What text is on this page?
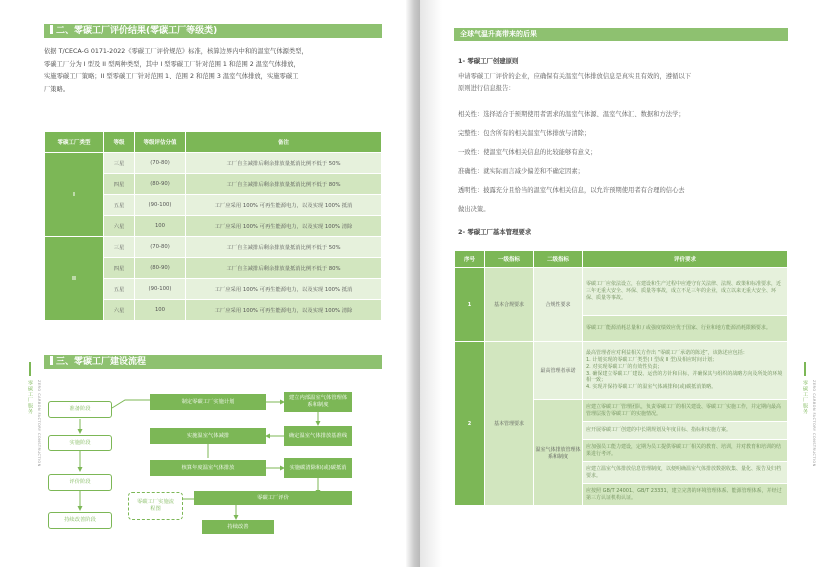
二、零碳工厂评价结果(零碳工厂等级类)
依据 T/CECA-G 0171-2022《零碳工厂评价规范》标准，核算边界内中和的温室气体源类型，
零碳工厂分为 I 型及 II 型两种类型，其中 I 型零碳工厂针对范围 1 和范围 2 温室气体排放，
实施零碳工厂策略；II 型零碳工厂针对范围 1、范围 2 和范围 3 温室气体排放，实施零碳工
厂策略。
零碳工厂类型	等级	等级评估分值	备注
I	三星	(70-80)	工厂自主减排后剩余排放量抵消比例不低于 50%
	四星	(80-90)	工厂自主减排后剩余排放量抵消比例不低于 80%
	五星	(90-100)	工厂应采用 100% 可再生能源电力，以及实现 100% 抵消
	六星	100	工厂应采用 100% 可再生能源电力，以及实现 100% 清除
II	三星	(70-80)	工厂自主减排后剩余排放量抵消比例不低于 50%
	四星	(80-90)	工厂自主减排后剩余排放量抵消比例不低于 80%
	五星	(90-100)	工厂应采用 100% 可再生能源电力，以及实现 100% 抵消
	六星	100	工厂应采用 100% 可再生能源电力，以及实现 100% 清除
三、零碳工厂建设流程
零碳工厂服务 ZERO CARBON FACTORY CONSTRUCTION	准备阶段
实施阶段
评价阶段
持续改善阶段
制定零碳工厂实施计划
建立内部温室气体管理体系和制度
实施温室气体减排	确定温室气体排放基准线
核算年度温室气体排放	实施碳清除和(或)碳抵消
零碳工厂评价
零碳工厂实施流程图
持续改善
全球气温升高带来的后果
1- 零碳工厂创建原则
申请零碳工厂评价的企业，应确保有关温室气体排放信息是真实且有效的，遵循以下
原则进行信息报告：
相关性：选择适合于预期使用者需求的温室气体源、温室气体汇、数据和方法学；
完整性：包含所有的相关温室气体排放与清除；
一致性：使温室气体相关信息的比较能够有意义；
准确性：就实际而言减少偏差和不确定因素；
透明性：披露充分且恰当的温室气体相关信息，以允许预期使用者有合理的信心去
做出决策。
2- 零碳工厂基本管理要求
序号	一级指标	二级指标	评价要求
1	基本合规要求	合规性要求	零碳工厂应依法设立，在建设和生产过程中应遵守有关法律、法规、政策和标准要求，近三年无重大安全、环保、质量等事故，成立不足三年的企业，成立以来无重大安全、环保、质量等事故。
			零碳工厂能源消耗总量和 / 或强度绩效应优于国家、行业和地方能源消耗限额要求。
2	基本管理要求	最高管理者承诺	最高管理者应对利益相关方作出 “零碳工厂承诺的陈述”，该陈述应包括：
1. 计划实现的零碳工厂类型( I 型或 II 型)及相应时间计划；
2. 对实现零碳工厂的有效性负责；
3. 确保建立零碳工厂建设、运营的方针和目标，并确保其与组织的战略方向及所处的环境相一致；
4. 实现并保持零碳工厂的温室气体减排和(或)碳抵消策略。
		温室气体排放管理体系和制度	应建立零碳工厂管理团队，负责零碳工厂的相关建设、零碳工厂实施工作，并定期向最高管理层报告零碳工厂的实施情况。
			应开展零碳工厂创建的中长期规划及年度目标、指标和实施方案。
			应加强员工能力建设，定期为员工提供零碳工厂相关的教育、培训，并对教育和培训的结果进行考评。
			应建立温室气体排放信息管理制度，以便明确温室气体排放数据收集、量化、报告及归档要求。
			应按照 GB/T 24001、GB/T 23331，建立完善的环境管理体系、能源管理体系，并经过第三方认证机构认证。
零碳工厂服务 ZERO CARBON FACTORY CONSTRUCTION
